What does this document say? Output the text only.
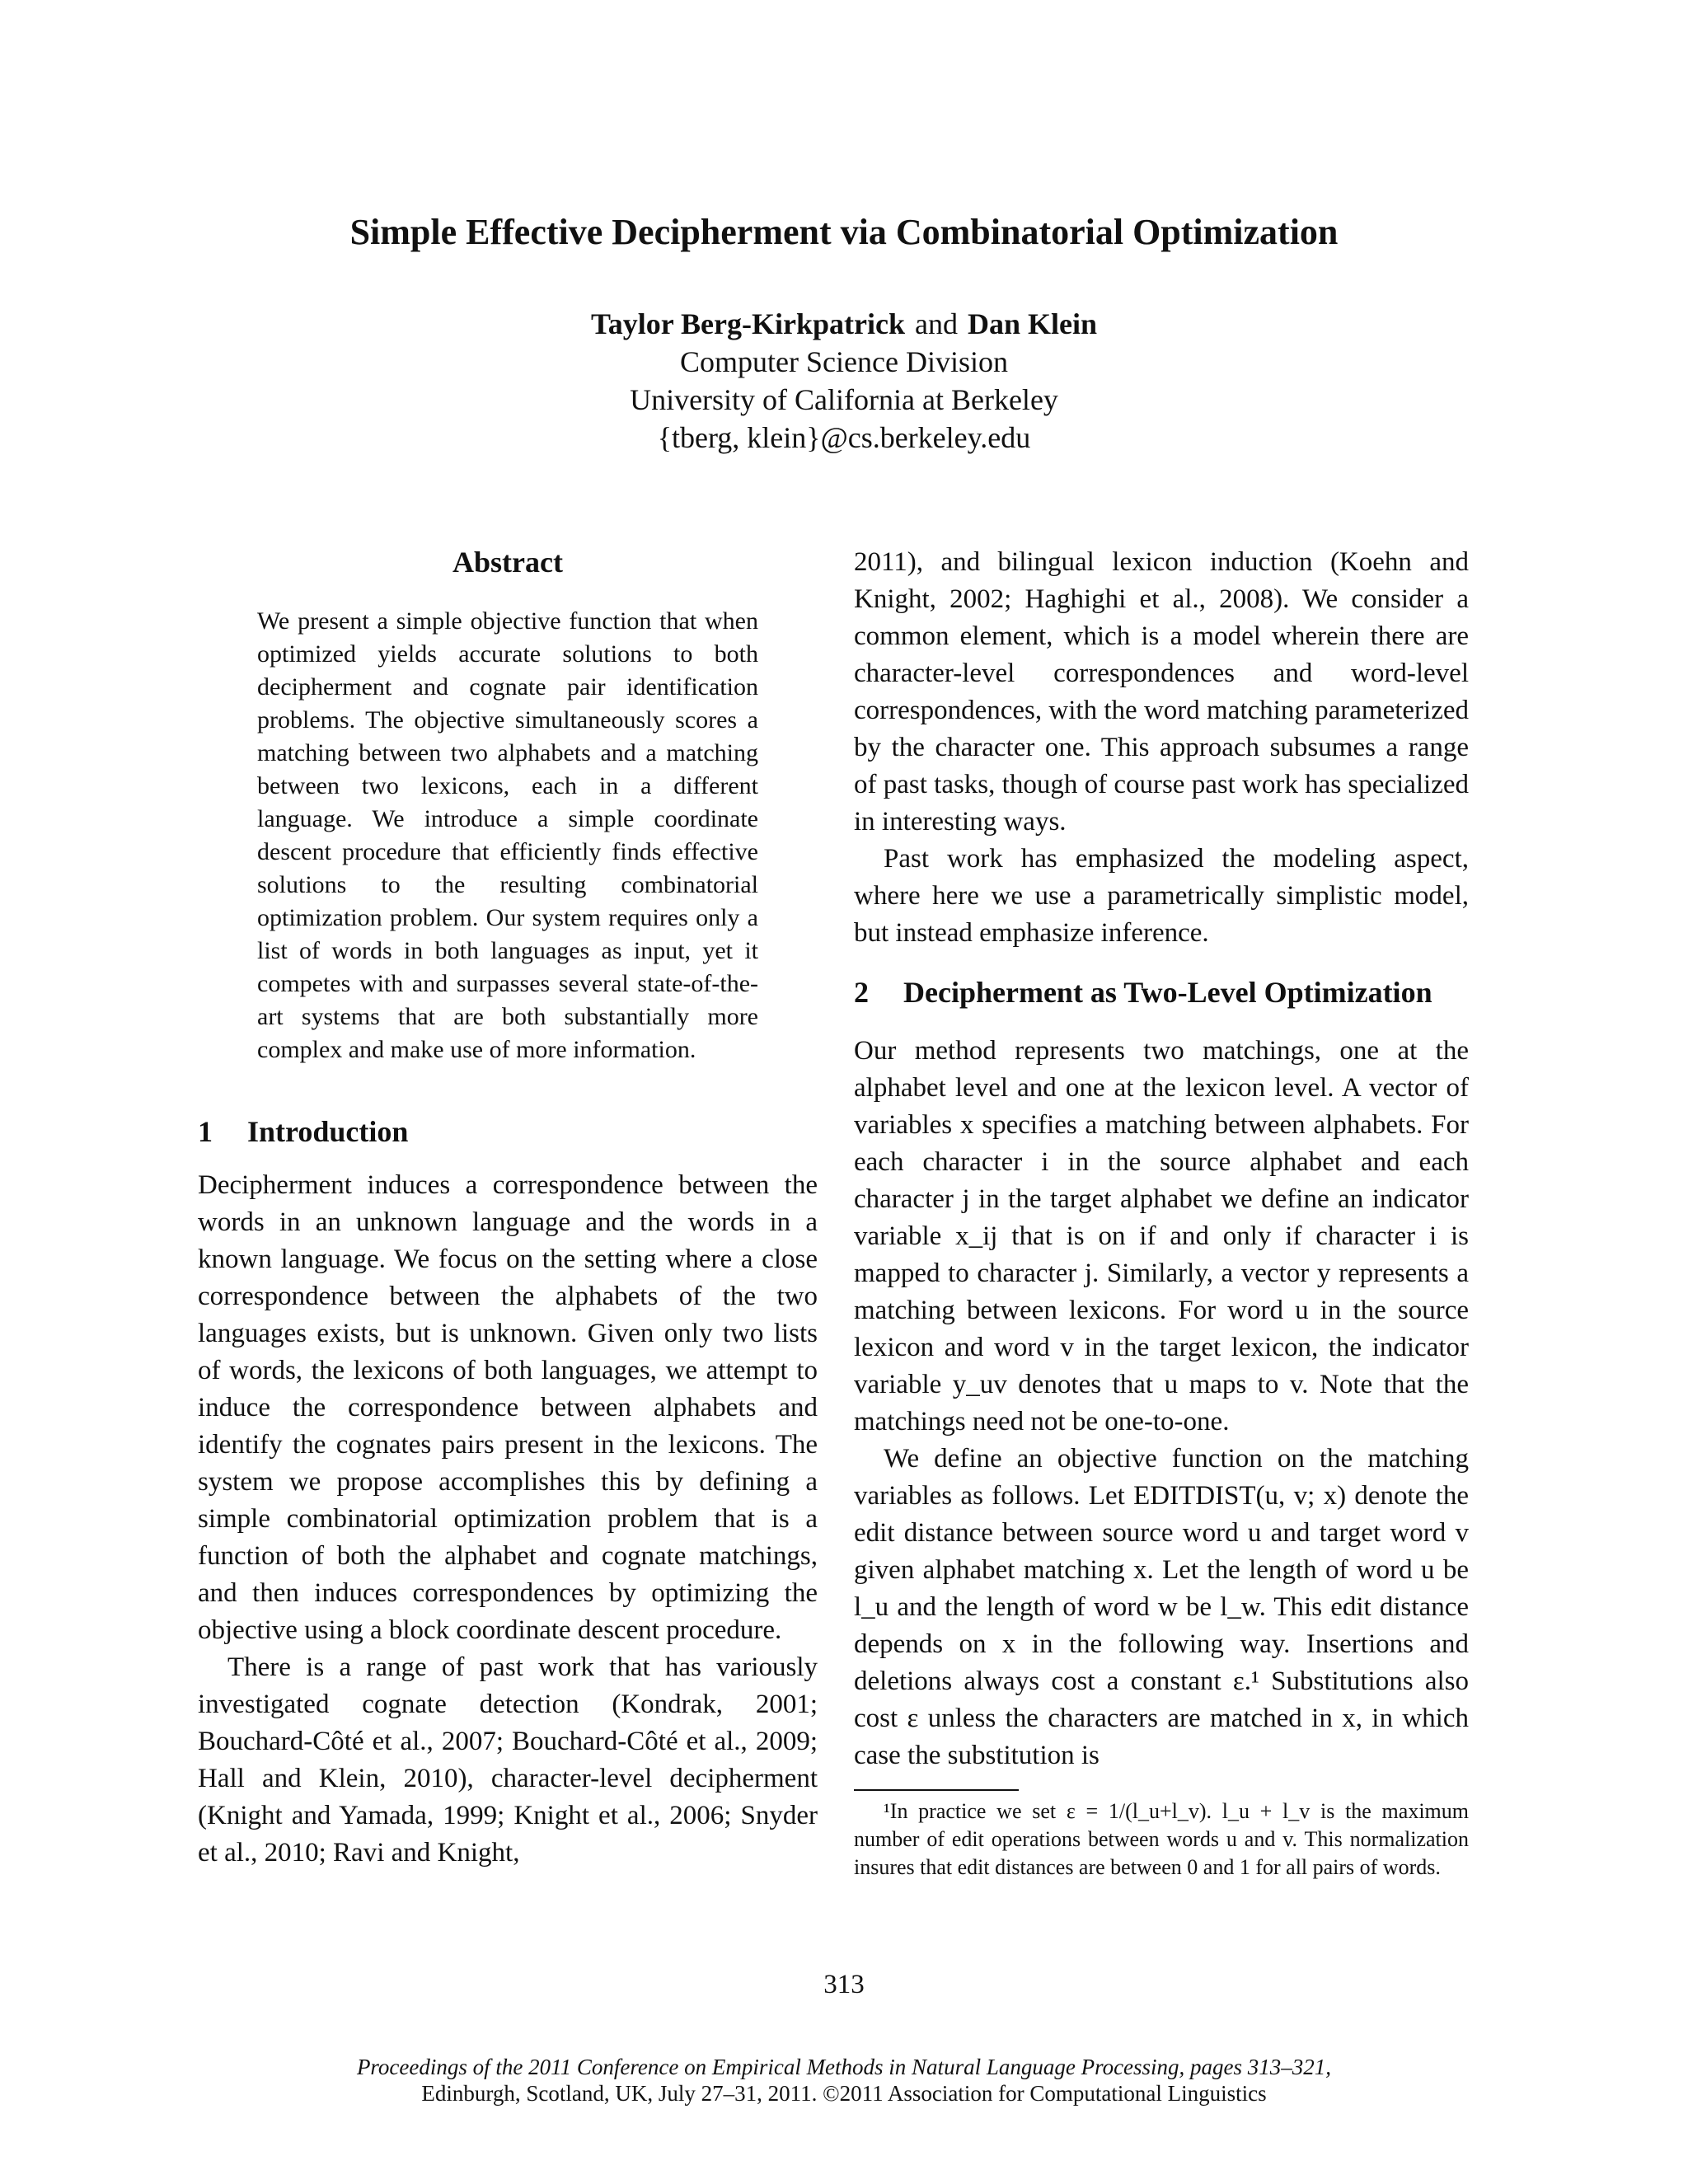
Simple Effective Decipherment via Combinatorial Optimization
Taylor Berg-Kirkpatrick and Dan Klein
Computer Science Division
University of California at Berkeley
{tberg, klein}@cs.berkeley.edu
Abstract
We present a simple objective function that when optimized yields accurate solutions to both decipherment and cognate pair identification problems. The objective simultaneously scores a matching between two alphabets and a matching between two lexicons, each in a different language. We introduce a simple coordinate descent procedure that efficiently finds effective solutions to the resulting combinatorial optimization problem. Our system requires only a list of words in both languages as input, yet it competes with and surpasses several state-of-the-art systems that are both substantially more complex and make use of more information.
1	Introduction

Decipherment induces a correspondence between the words in an unknown language and the words in a known language. We focus on the setting where a close correspondence between the alphabets of the two languages exists, but is unknown. Given only two lists of words, the lexicons of both languages, we attempt to induce the correspondence between alphabets and identify the cognates pairs present in the lexicons. The system we propose accomplishes this by defining a simple combinatorial optimization problem that is a function of both the alphabet and cognate matchings, and then induces correspondences by optimizing the objective using a block coordinate descent procedure.

There is a range of past work that has variously investigated cognate detection (Kondrak, 2001; Bouchard-Côté et al., 2007; Bouchard-Côté et al., 2009; Hall and Klein, 2010), character-level decipherment (Knight and Yamada, 1999; Knight et al., 2006; Snyder et al., 2010; Ravi and Knight,

2011), and bilingual lexicon induction (Koehn and Knight, 2002; Haghighi et al., 2008). We consider a common element, which is a model wherein there are character-level correspondences and word-level correspondences, with the word matching parameterized by the character one. This approach subsumes a range of past tasks, though of course past work has specialized in interesting ways.

Past work has emphasized the modeling aspect, where here we use a parametrically simplistic model, but instead emphasize inference.

2	Decipherment as Two-Level Optimization

Our method represents two matchings, one at the alphabet level and one at the lexicon level. A vector of variables x specifies a matching between alphabets. For each character i in the source alphabet and each character j in the target alphabet we define an indicator variable x_ij that is on if and only if character i is mapped to character j. Similarly, a vector y represents a matching between lexicons. For word u in the source lexicon and word v in the target lexicon, the indicator variable y_uv denotes that u maps to v. Note that the matchings need not be one-to-one.

We define an objective function on the matching variables as follows. Let EDITDIST(u, v; x) denote the edit distance between source word u and target word v given alphabet matching x. Let the length of word u be l_u and the length of word w be l_w. This edit distance depends on x in the following way. Insertions and deletions always cost a constant ε.¹ Substitutions also cost ε unless the characters are matched in x, in which case the substitution is

¹In practice we set ε = 1/(l_u+l_v). l_u + l_v is the maximum number of edit operations between words u and v. This normalization insures that edit distances are between 0 and 1 for all pairs of words.
313
Proceedings of the 2011 Conference on Empirical Methods in Natural Language Processing, pages 313–321,
Edinburgh, Scotland, UK, July 27–31, 2011. ©2011 Association for Computational Linguistics
